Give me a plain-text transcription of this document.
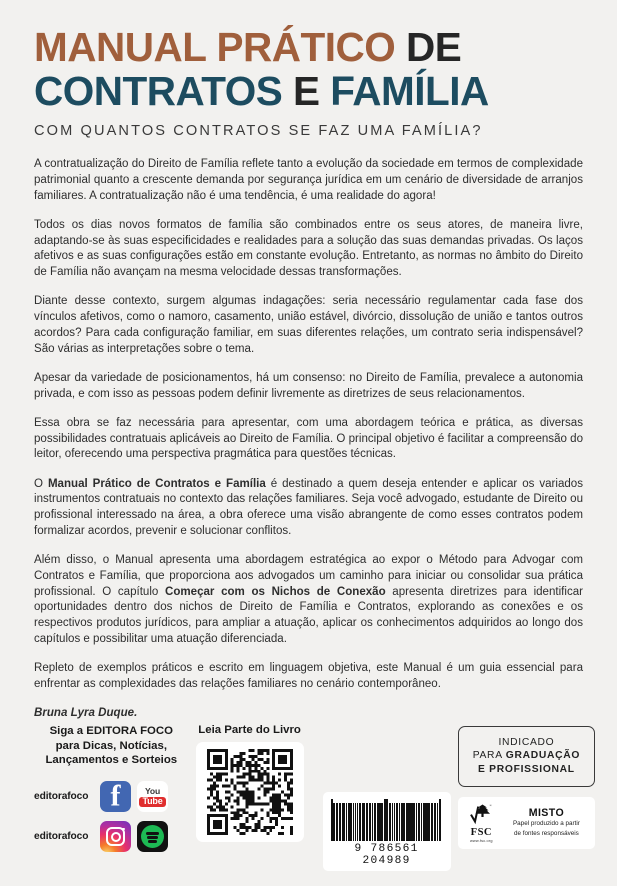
MANUAL PRÁTICO DE
CONTRATOS E FAMÍLIA
COM QUANTOS CONTRATOS SE FAZ UMA FAMÍLIA?

A contratualização do Direito de Família reflete tanto a evolução da sociedade em termos de complexidade patrimonial quanto a crescente demanda por segurança jurídica em um cenário de diversidade de arranjos familiares. A contratualização não é uma tendência, é uma realidade do agora!

Todos os dias novos formatos de família são combinados entre os seus atores, de maneira livre, adaptando-se às suas especificidades e realidades para a solução das suas demandas privadas. Os laços afetivos e as suas configurações estão em constante evolução. Entretanto, as normas no âmbito do Direito de Família não avançam na mesma velocidade dessas transformações.

Diante desse contexto, surgem algumas indagações: seria necessário regulamentar cada fase dos vínculos afetivos, como o namoro, casamento, união estável, divórcio, dissolução de união e tantos outros acordos? Para cada configuração familiar, em suas diferentes relações, um contrato seria indispensável? São várias as interpretações sobre o tema.

Apesar da variedade de posicionamentos, há um consenso: no Direito de Família, prevalece a autonomia privada, e com isso as pessoas podem definir livremente as diretrizes de seus relacionamentos.

Essa obra se faz necessária para apresentar, com uma abordagem teórica e prática, as diversas possibilidades contratuais aplicáveis ao Direito de Família. O principal objetivo é facilitar a compreensão do leitor, oferecendo uma perspectiva pragmática para questões técnicas.

O Manual Prático de Contratos e Família é destinado a quem deseja entender e aplicar os variados instrumentos contratuais no contexto das relações familiares. Seja você advogado, estudante de Direito ou profissional interessado na área, a obra oferece uma visão abrangente de como esses contratos podem formalizar acordos, prevenir e solucionar conflitos.

Além disso, o Manual apresenta uma abordagem estratégica ao expor o Método para Advogar com Contratos e Família, que proporciona aos advogados um caminho para iniciar ou consolidar sua prática profissional. O capítulo Começar com os Nichos de Conexão apresenta diretrizes para identificar oportunidades dentro dos nichos de Direito de Família e Contratos, explorando as conexões e os respectivos produtos jurídicos, para ampliar a atuação, aplicar os conhecimentos adquiridos ao longo dos capítulos e possibilitar uma atuação diferenciada.

Repleto de exemplos práticos e escrito em linguagem objetiva, este Manual é um guia essencial para enfrentar as complexidades das relações familiares no cenário contemporâneo.

Bruna Lyra Duque.

Siga a EDITORA FOCO
para Dicas, Notícias,
Lançamentos e Sorteios
editorafoco
f
You
Tube
editorafoco
Leia Parte do Livro
9 786561 204989
INDICADO
PARA GRADUAÇÃO
E PROFISSIONAL
®
FSC
www.fsc.org
MISTO
Papel produzido a partir
de fontes responsáveis
